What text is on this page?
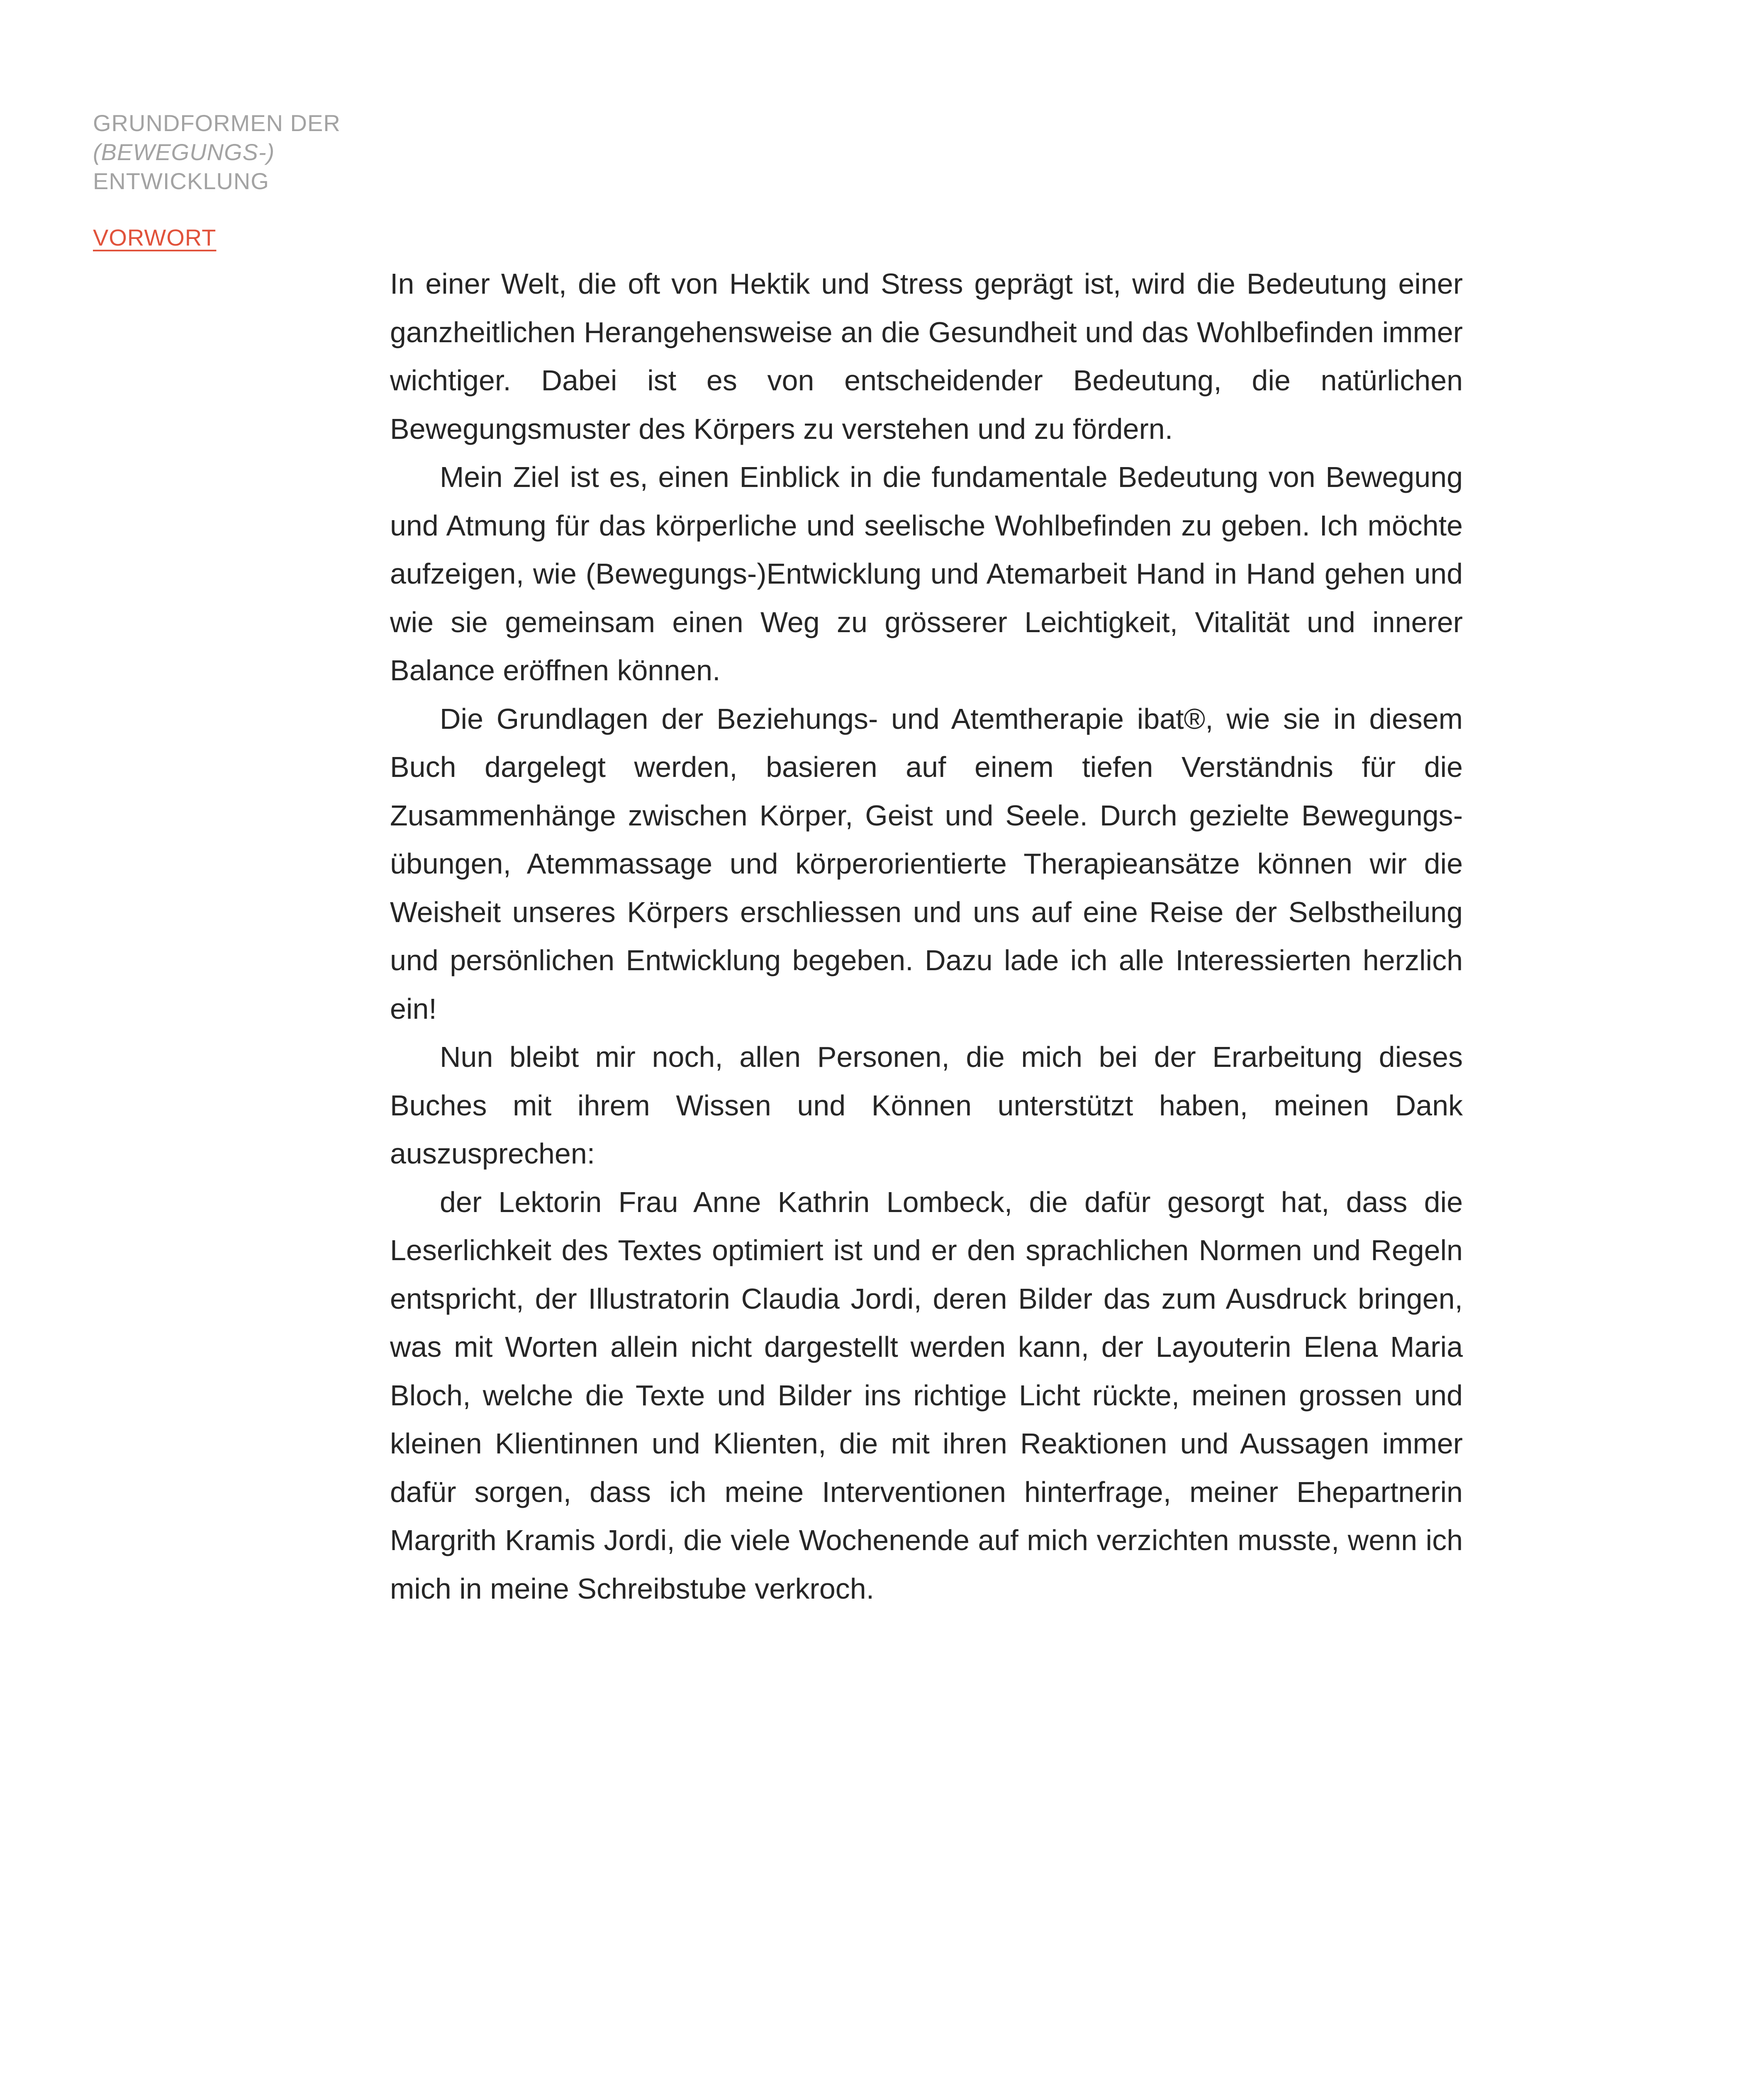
GRUNDFORMEN DER
(BEWEGUNGS-)
ENTWICKLUNG
VORWORT

In einer Welt, die oft von Hektik und Stress geprägt ist, wird die Bedeutung einer ganzheitlichen Herangehensweise an die Gesundheit und das Wohlbefinden immer wichtiger. Dabei ist es von entscheidender Bedeutung, die natürlichen Bewegungsmuster des Körpers zu verstehen und zu fördern.

Mein Ziel ist es, einen Einblick in die fundamentale Bedeutung von Bewegung und Atmung für das körperliche und seelische Wohlbefinden zu geben. Ich möchte aufzeigen, wie (Bewegungs-)Entwicklung und Atemarbeit Hand in Hand gehen und wie sie gemeinsam einen Weg zu grösserer Leichtigkeit, Vitalität und innerer Balance eröffnen können.

Die Grundlagen der Beziehungs- und Atemtherapie ibat®, wie sie in diesem Buch dargelegt werden, basieren auf einem tiefen Verständnis für die Zusammenhänge zwischen Körper, Geist und Seele. Durch gezielte Bewegungsübungen, Atemmassage und körperorientierte Therapieansätze können wir die Weisheit unseres Körpers erschliessen und uns auf eine Reise der Selbstheilung und persönlichen Entwicklung begeben. Dazu lade ich alle Interessierten herzlich ein!

Nun bleibt mir noch, allen Personen, die mich bei der Erarbeitung dieses Buches mit ihrem Wissen und Können unterstützt haben, meinen Dank auszusprechen:

der Lektorin Frau Anne Kathrin Lombeck, die dafür gesorgt hat, dass die Leserlichkeit des Textes optimiert ist und er den sprachlichen Normen und Regeln entspricht, der Illustratorin Claudia Jordi, deren Bilder das zum Ausdruck bringen, was mit Worten allein nicht dargestellt werden kann, der Layouterin Elena Maria Bloch, welche die Texte und Bilder ins richtige Licht rückte, meinen grossen und kleinen Klientinnen und Klienten, die mit ihren Reaktionen und Aussagen immer dafür sorgen, dass ich meine Interventionen hinterfrage, meiner Ehepartnerin Margrith Kramis Jordi, die viele Wochenende auf mich verzichten musste, wenn ich mich in meine Schreibstube verkroch.
